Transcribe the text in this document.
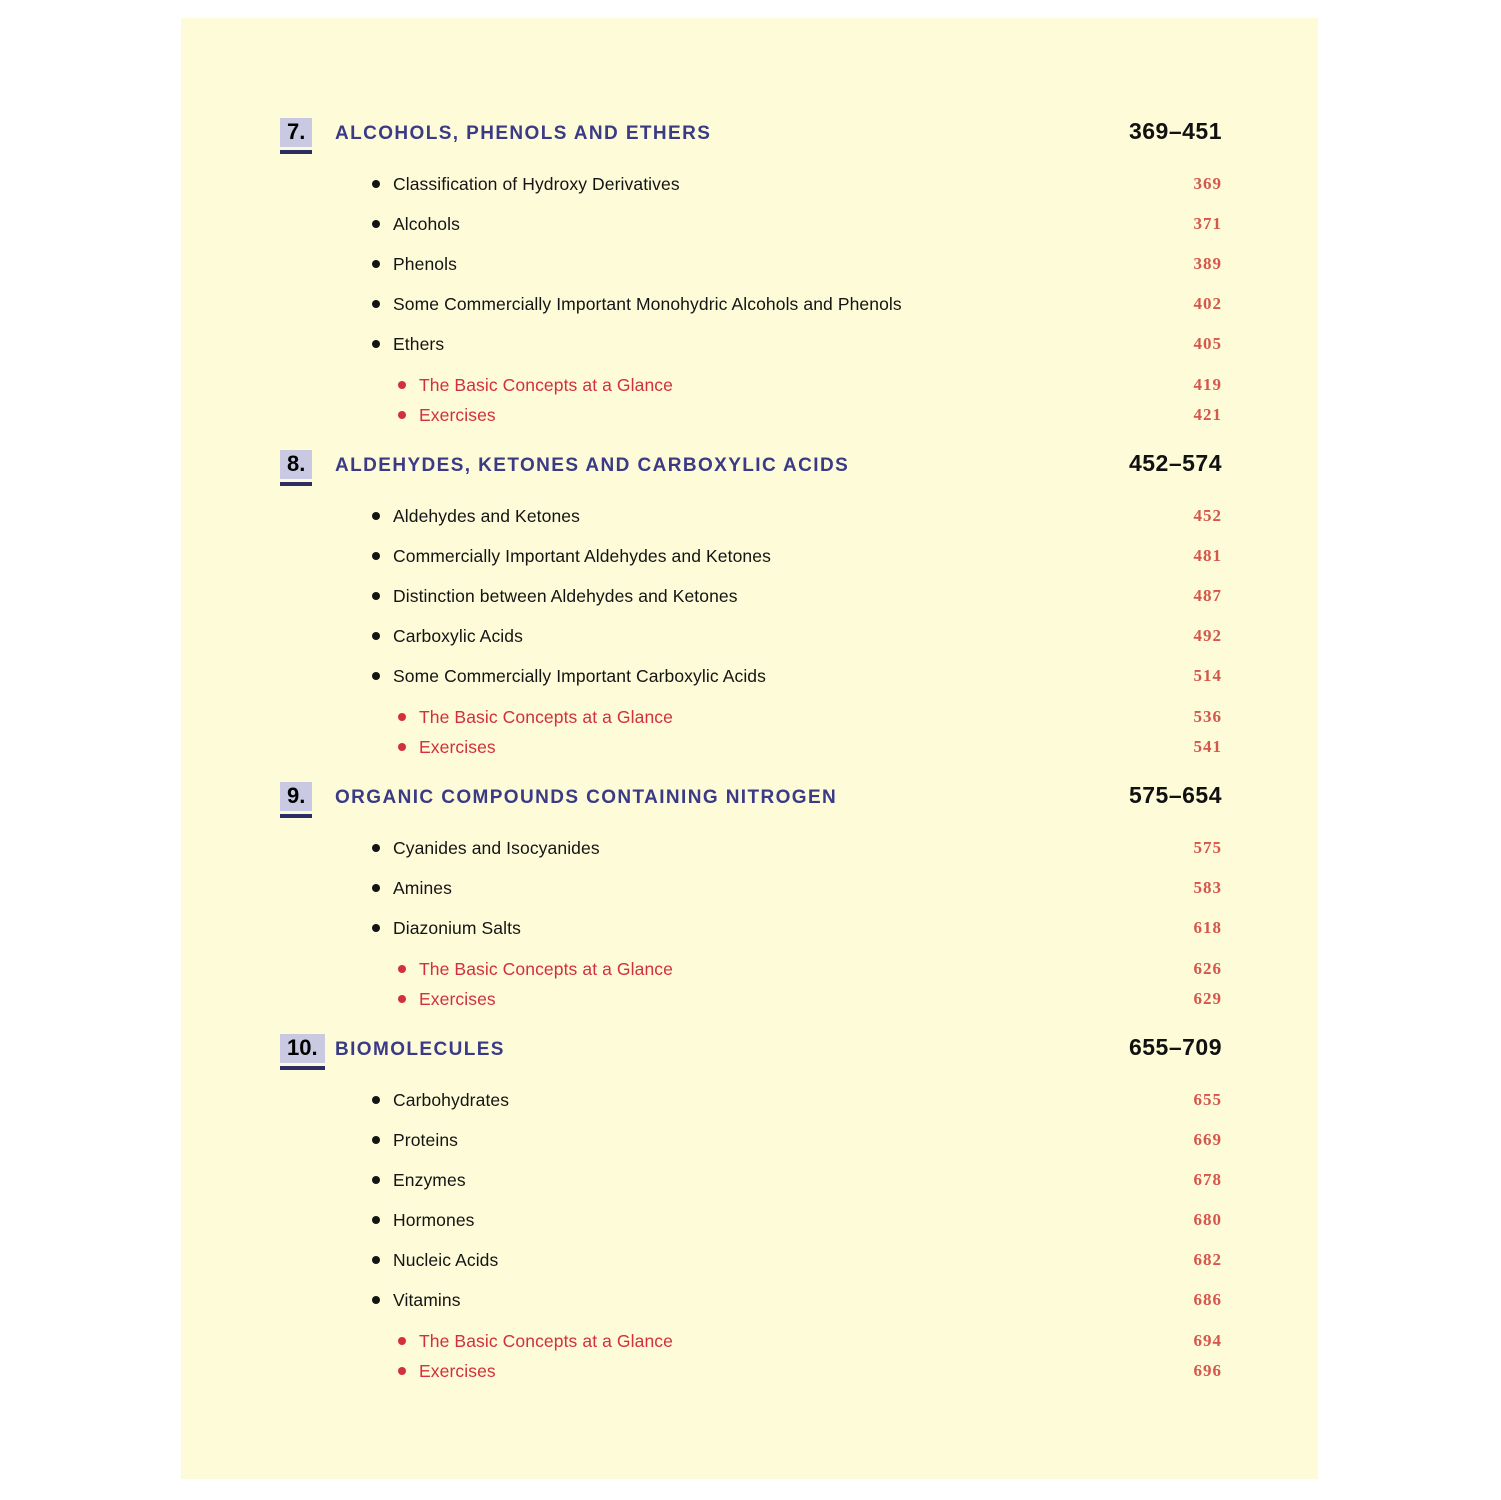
7.	ALCOHOLS, PHENOLS AND ETHERS	369–451
Classification of Hydroxy Derivatives	369
Alcohols	371
Phenols	389
Some Commercially Important Monohydric Alcohols and Phenols	402
Ethers	405
The Basic Concepts at a Glance	419
Exercises	421
8.	ALDEHYDES, KETONES AND CARBOXYLIC ACIDS	452–574
Aldehydes and Ketones	452
Commercially Important Aldehydes and Ketones	481
Distinction between Aldehydes and Ketones	487
Carboxylic Acids	492
Some Commercially Important Carboxylic Acids	514
The Basic Concepts at a Glance	536
Exercises	541
9.	ORGANIC COMPOUNDS CONTAINING NITROGEN	575–654
Cyanides and Isocyanides	575
Amines	583
Diazonium Salts	618
The Basic Concepts at a Glance	626
Exercises	629
10. BIOMOLECULES	655–709
Carbohydrates	655
Proteins	669
Enzymes	678
Hormones	680
Nucleic Acids	682
Vitamins	686
The Basic Concepts at a Glance	694
Exercises	696
